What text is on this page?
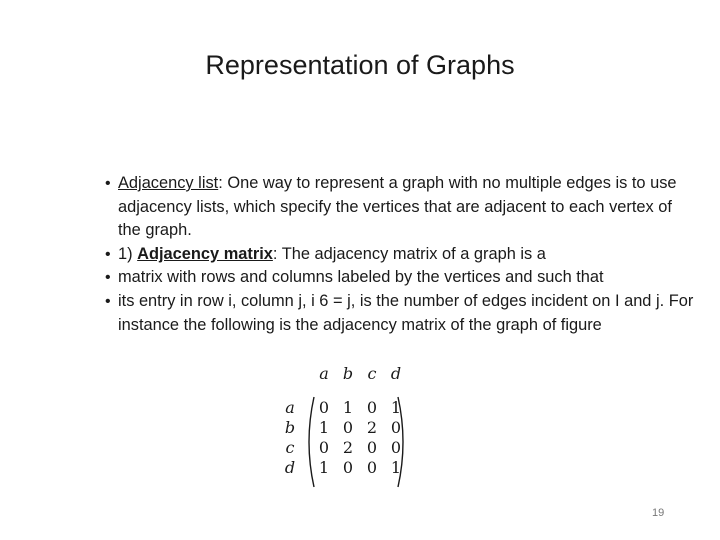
Representation of Graphs
• Adjacency list: One way to represent a graph with no multiple edges is to use adjacency lists, which specify the vertices that are adjacent to each vertex of the graph.
• 1) Adjacency matrix: The adjacency matrix of a graph is a
• matrix with rows and columns labeled by the vertices and such that
• its entry in row i, column j, i 6 = j, is the number of edges incident on I and j. For instance the following is the adjacency matrix of the graph of figure
a b c d
a
b
c
d
0 1 0 1
1 0 2 0
0 2 0 0
1 0 0 1
19
